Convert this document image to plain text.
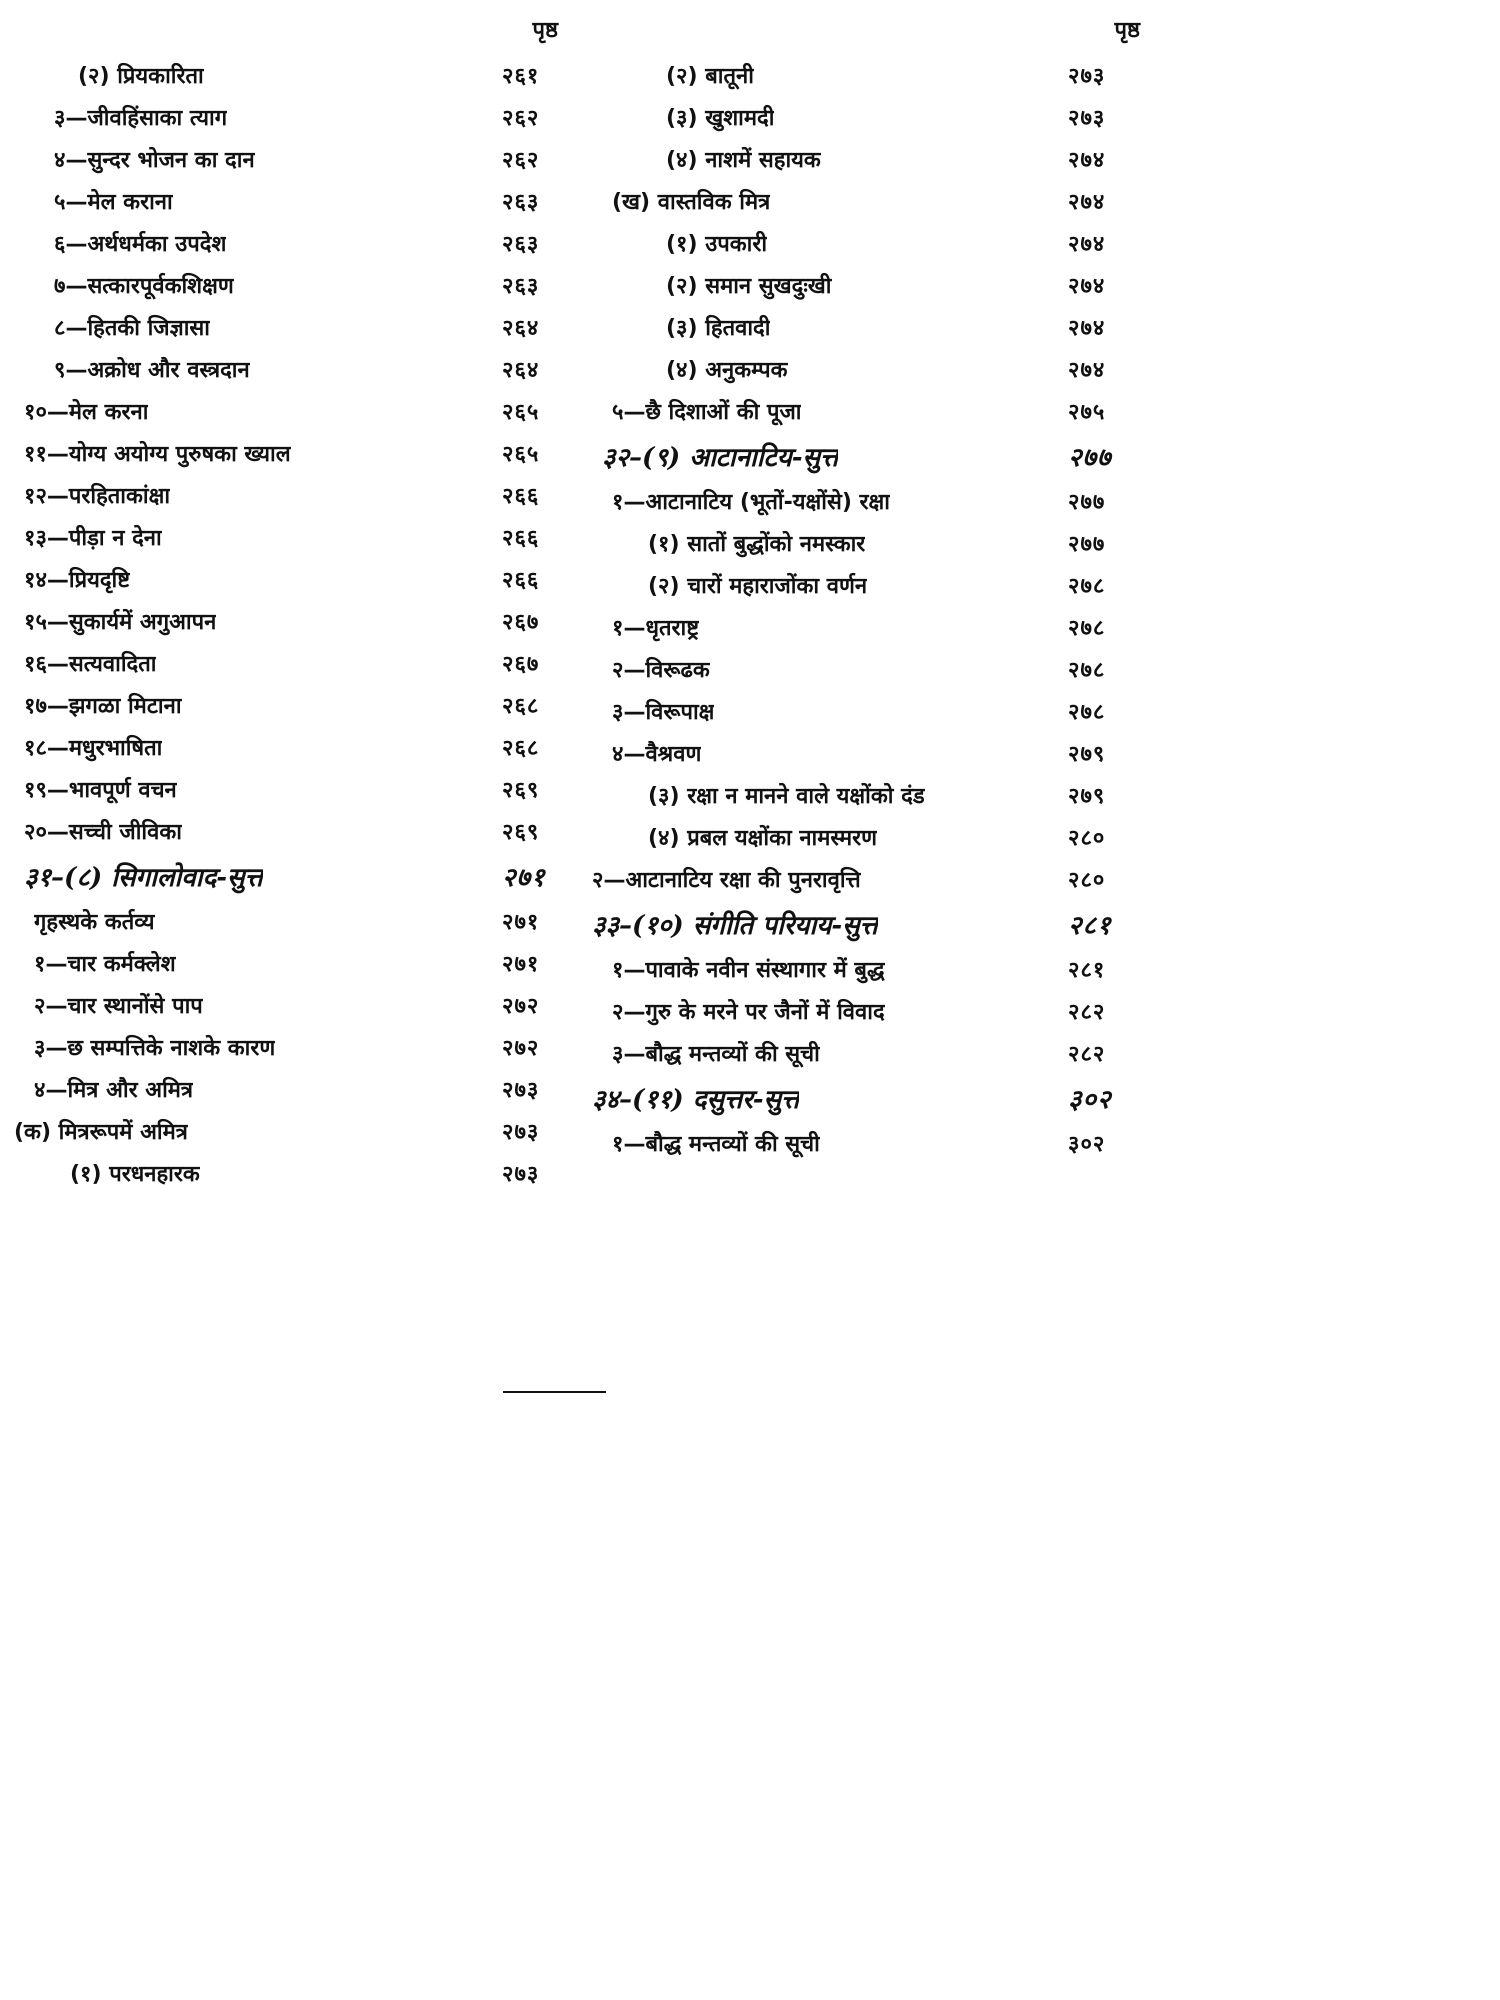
पृष्ठ
(२) प्रियकारिता	२६१
३—जीवहिंसाका त्याग	२६२
४—सुन्दर भोजन का दान	२६२
५—मेल कराना	२६३
६—अर्थधर्मका उपदेश	२६३
७—सत्कारपूर्वकशिक्षण	२६३
८—हितकी जिज्ञासा	२६४
९—अक्रोध और वस्त्रदान	२६४
१०—मेल करना	२६५
११—योग्य अयोग्य पुरुषका ख्याल	२६५
१२—परहिताकांक्षा	२६६
१३—पीड़ा न देना	२६६
१४—प्रियदृष्टि	२६६
१५—सुकार्यमें अगुआपन	२६७
१६—सत्यवादिता	२६७
१७—झगळा मिटाना	२६८
१८—मधुरभाषिता	२६८
१९—भावपूर्ण वचन	२६९
२०—सच्ची जीविका	२६९
३१–(८) सिगालोवाद-सुत्त	२७१
गृहस्थके कर्तव्य	२७१
१—चार कर्मक्लेश	२७१
२—चार स्थानोंसे पाप	२७२
३—छ सम्पत्तिके नाशके कारण	२७२
४—मित्र और अमित्र	२७३
(क) मित्ररूपमें अमित्र	२७३
(१) परधनहारक	२७३
पृष्ठ
(२) बातूनी	२७३
(३) खुशामदी	२७३
(४) नाशमें सहायक	२७४
(ख) वास्तविक मित्र	२७४
(१) उपकारी	२७४
(२) समान सुखदुःखी	२७४
(३) हितवादी	२७४
(४) अनुकम्पक	२७४
५—छै दिशाओं की पूजा	२७५
३२–(९) आटानाटिय-सुत्त	२७७
१—आटानाटिय (भूतों-यक्षोंसे) रक्षा	२७७
(१) सातों बुद्धोंको नमस्कार	२७७
(२) चारों महाराजोंका वर्णन	२७८
१—धृतराष्ट्र	२७८
२—विरूढक	२७८
३—विरूपाक्ष	२७८
४—वैश्रवण	२७९
(३) रक्षा न मानने वाले यक्षोंको दंड	२७९
(४) प्रबल यक्षोंका नामस्मरण	२८०
२—आटानाटिय रक्षा की पुनरावृत्ति	२८०
३३–(१०) संगीति परियाय-सुत्त	२८१
१—पावाके नवीन संस्थागार में बुद्ध	२८१
२—गुरु के मरने पर जैनों में विवाद	२८२
३—बौद्ध मन्तव्यों की सूची	२८२
३४–(११) दसुत्तर-सुत्त	३०२
१—बौद्ध मन्तव्यों की सूची	३०२
